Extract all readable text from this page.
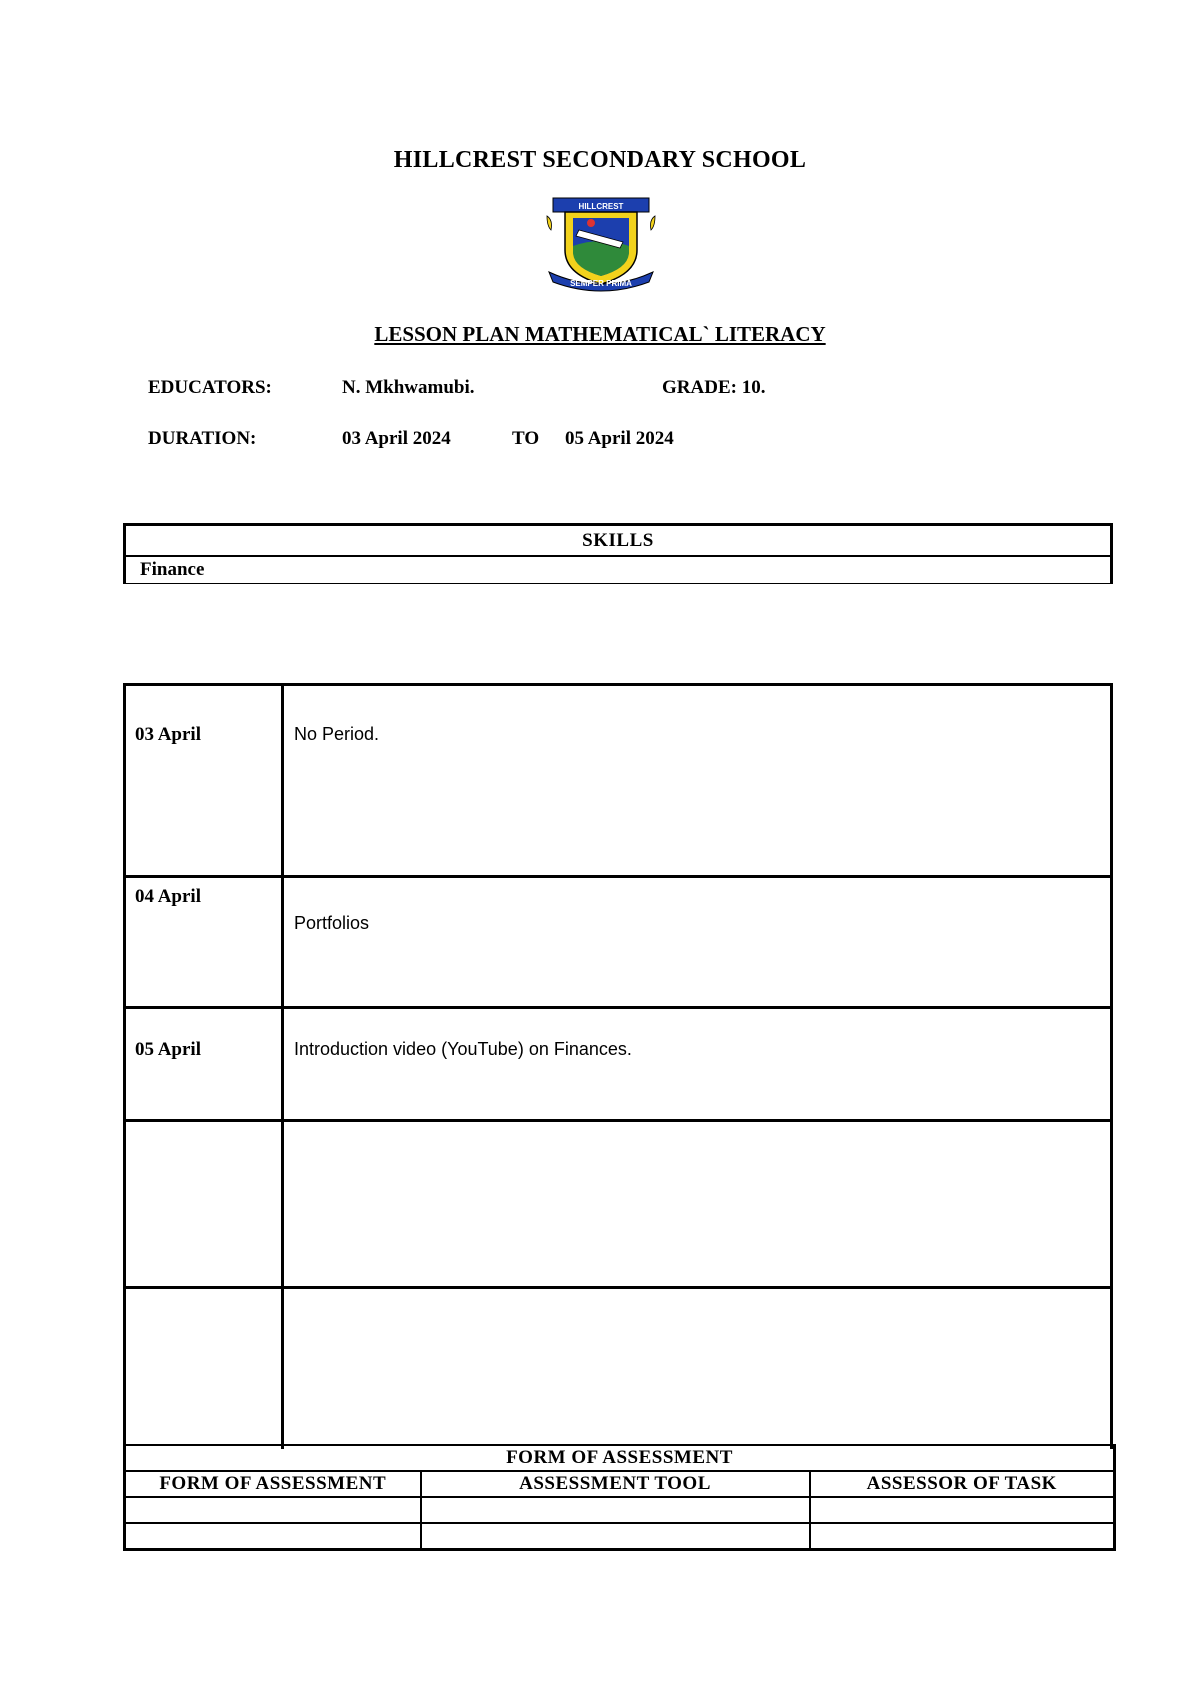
HILLCREST SECONDARY SCHOOL
HILLCREST
SEMPER PRIMA
LESSON PLAN MATHEMATICAL` LITERACY
EDUCATORS:	N. Mkhwamubi.	GRADE: 10.
DURATION:	03 April 2024	TO 05 April 2024
SKILLS
Finance
03 April	No Period.
04 April	Portfolios
05 April	Introduction video (YouTube) on Finances.

FORM OF ASSESSMENT		
FORM OF ASSESSMENT	ASSESSMENT TOOL	ASSESSOR OF TASK
